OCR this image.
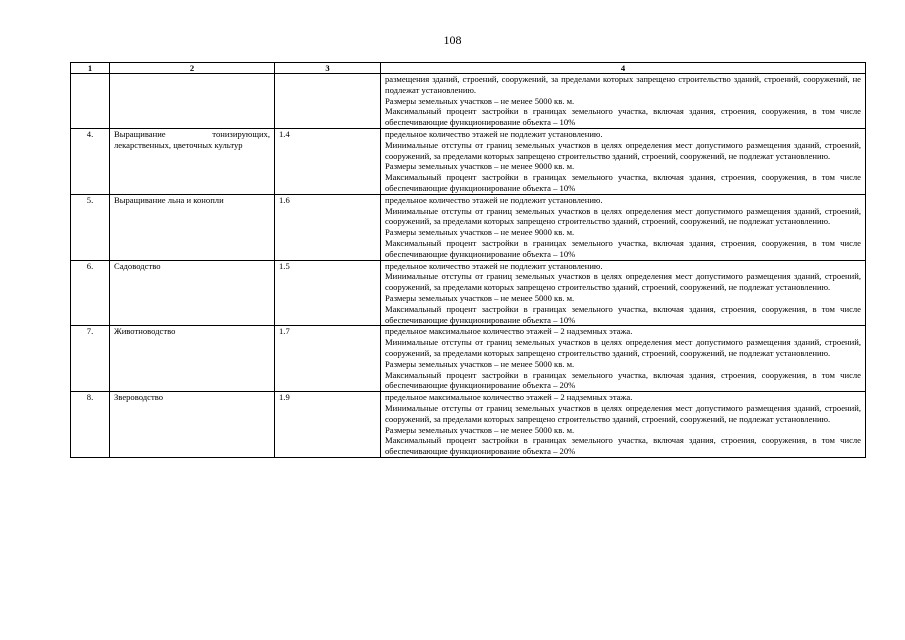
108
1	2	3	4

			размещения зданий, строений, сооружений, за пределами которых запрещено строительство зданий, строений, сооружений, не подлежат установлению.

Размеры земельных участков – не менее 5000 кв. м.

Максимальный процент застройки в границах земельного участка, включая здания, строения, сооружения, в том числе обеспечивающие функционирование объекта – 10%

4.	Выращивание тонизирующих, лекарственных, цветочных культур	1.4	предельное количество этажей не подлежит установлению.

Минимальные отступы от границ земельных участков в целях определения мест допустимого размещения зданий, строений, сооружений, за пределами которых запрещено строительство зданий, строений, сооружений, не подлежат установлению.

Размеры земельных участков – не менее 9000 кв. м.

Максимальный процент застройки в границах земельного участка, включая здания, строения, сооружения, в том числе обеспечивающие функционирование объекта – 10%

5.	Выращивание льна и конопли	1.6	предельное количество этажей не подлежит установлению.

Минимальные отступы от границ земельных участков в целях определения мест допустимого размещения зданий, строений, сооружений, за пределами которых запрещено строительство зданий, строений, сооружений, не подлежат установлению.

Размеры земельных участков – не менее 9000 кв. м.

Максимальный процент застройки в границах земельного участка, включая здания, строения, сооружения, в том числе обеспечивающие функционирование объекта – 10%

6.	Садоводство	1.5	предельное количество этажей не подлежит установлению.

Минимальные отступы от границ земельных участков в целях определения мест допустимого размещения зданий, строений, сооружений, за пределами которых запрещено строительство зданий, строений, сооружений, не подлежат установлению.

Размеры земельных участков – не менее 5000 кв. м.

Максимальный процент застройки в границах земельного участка, включая здания, строения, сооружения, в том числе обеспечивающие функционирование объекта – 10%

7.	Животноводство	1.7	предельное максимальное количество этажей – 2 надземных этажа.

Минимальные отступы от границ земельных участков в целях определения мест допустимого размещения зданий, строений, сооружений, за пределами которых запрещено строительство зданий, строений, сооружений, не подлежат установлению.

Размеры земельных участков – не менее 5000 кв. м.

Максимальный процент застройки в границах земельного участка, включая здания, строения, сооружения, в том числе обеспечивающие функционирование объекта – 20%

8.	Звероводство	1.9	предельное максимальное количество этажей – 2 надземных этажа.

Минимальные отступы от границ земельных участков в целях определения мест допустимого размещения зданий, строений, сооружений, за пределами которых запрещено строительство зданий, строений, сооружений, не подлежат установлению.

Размеры земельных участков – не менее 5000 кв. м.

Максимальный процент застройки в границах земельного участка, включая здания, строения, сооружения, в том числе обеспечивающие функционирование объекта – 20%
